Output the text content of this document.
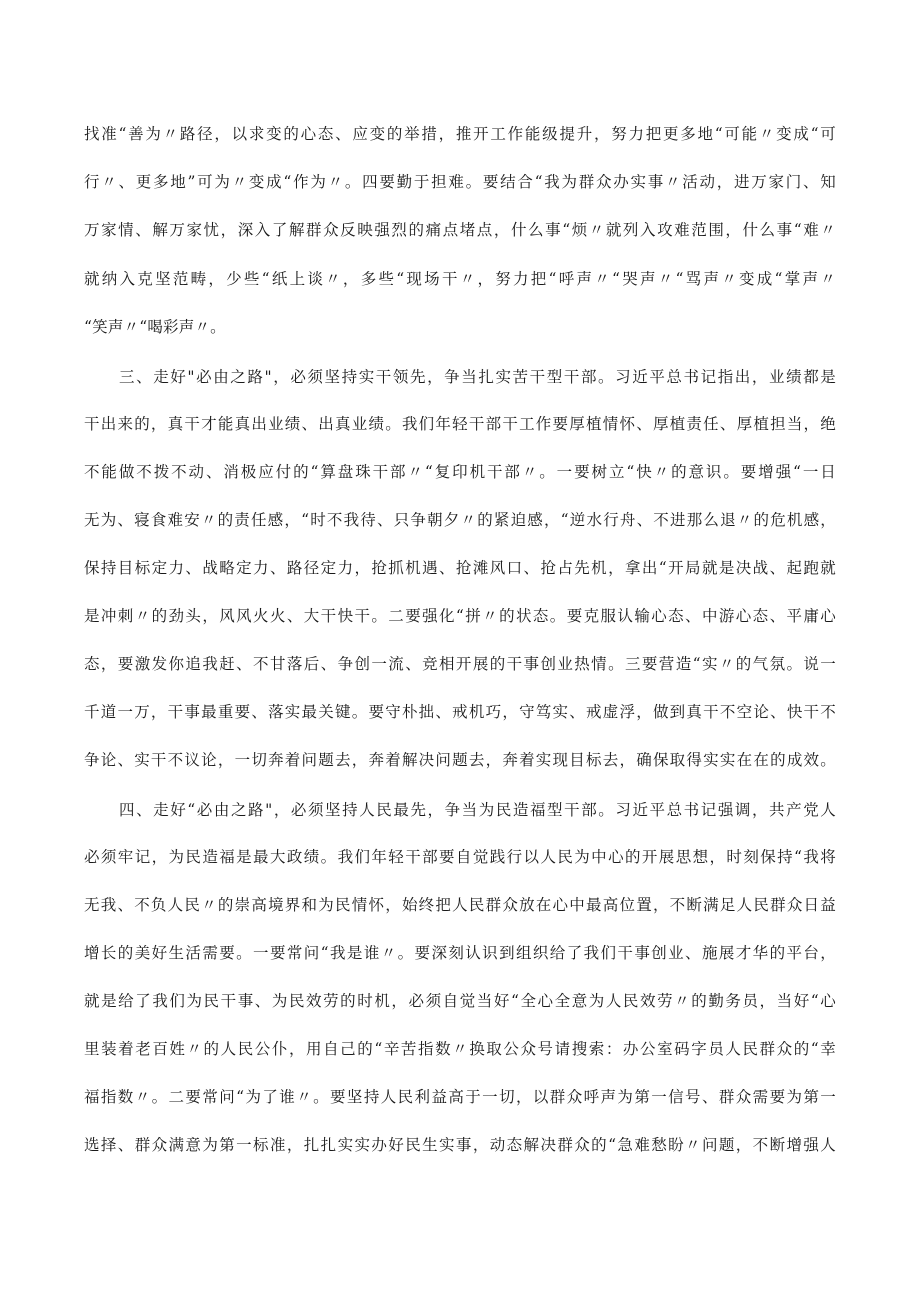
找准“善为〃路径，以求变的心态、应变的举措，推开工作能级提升，努力把更多地“可能〃变成“可
行〃、更多地”可为〃变成“作为〃。四要勤于担难。要结合“我为群众办实事〃活动，进万家门、知
万家情、解万家忧，深入了解群众反映强烈的痛点堵点，什么事“烦〃就列入攻难范围，什么事“难〃
就纳入克坚范畴，少些“纸上谈〃，多些“现场干〃，努力把“呼声〃“哭声〃“骂声〃变成“掌声〃
“笑声〃“喝彩声〃。
三、走好"必由之路"，必须坚持实干领先，争当扎实苦干型干部。习近平总书记指出，业绩都是
干出来的，真干才能真出业绩、出真业绩。我们年轻干部干工作要厚植情怀、厚植责任、厚植担当，绝
不能做不拨不动、消极应付的“算盘珠干部〃“复印机干部〃。一要树立“快〃的意识。要增强“一日
无为、寝食难安〃的责任感，“时不我待、只争朝夕〃的紧迫感，“逆水行舟、不进那么退〃的危机感，
保持目标定力、战略定力、路径定力，抢抓机遇、抢滩风口、抢占先机，拿出“开局就是决战、起跑就
是冲刺〃的劲头，风风火火、大干快干。二要强化“拼〃的状态。要克服认输心态、中游心态、平庸心
态，要激发你追我赶、不甘落后、争创一流、竞相开展的干事创业热情。三要营造“实〃的气氛。说一
千道一万，干事最重要、落实最关键。要守朴拙、戒机巧，守笃实、戒虚浮，做到真干不空论、快干不
争论、实干不议论，一切奔着问题去，奔着解决问题去，奔着实现目标去，确保取得实实在在的成效。
四、走好“必由之路"，必须坚持人民最先，争当为民造福型干部。习近平总书记强调，共产党人
必须牢记，为民造福是最大政绩。我们年轻干部要自觉践行以人民为中心的开展思想，时刻保持“我将
无我、不负人民〃的崇高境界和为民情怀，始终把人民群众放在心中最高位置，不断满足人民群众日益
增长的美好生活需要。一要常问“我是谁〃。要深刻认识到组织给了我们干事创业、施展才华的平台，
就是给了我们为民干事、为民效劳的时机，必须自觉当好“全心全意为人民效劳〃的勤务员，当好“心
里装着老百姓〃的人民公仆，用自己的“辛苦指数〃换取公众号请搜索：办公室码字员人民群众的“幸
福指数〃。二要常问“为了谁〃。要坚持人民利益高于一切，以群众呼声为第一信号、群众需要为第一
选择、群众满意为第一标准，扎扎实实办好民生实事，动态解决群众的“急难愁盼〃问题，不断增强人
